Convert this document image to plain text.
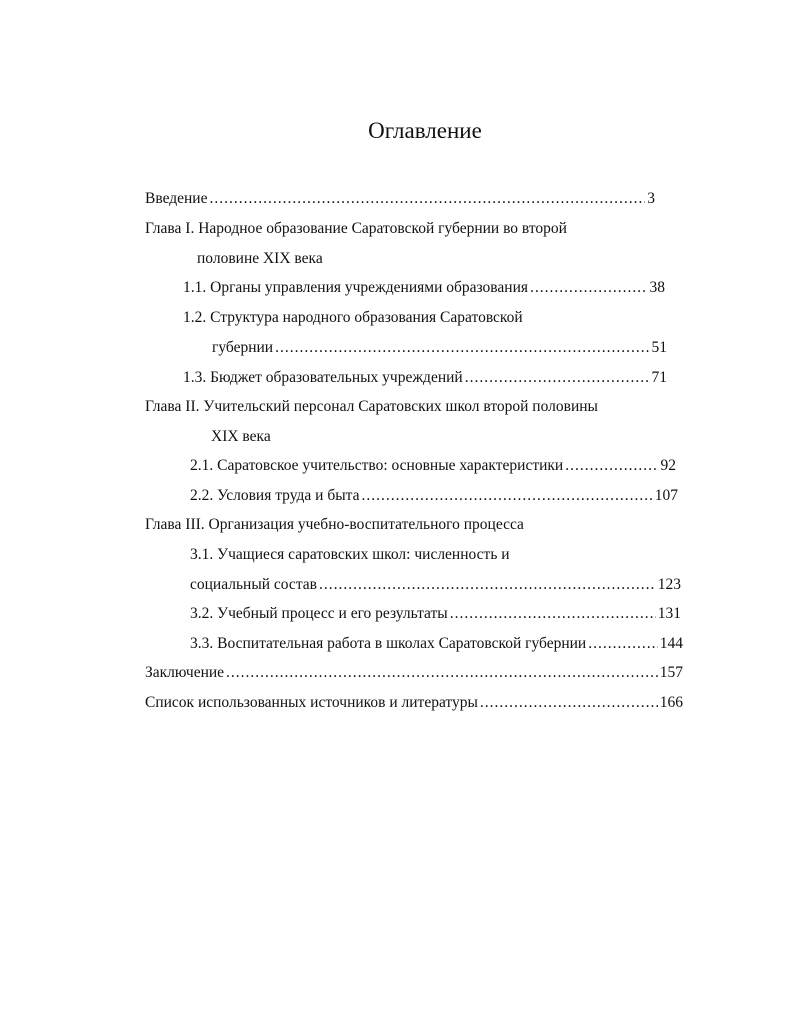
Оглавление
Введение .....	3
Глава I. Народное образование Саратовской губернии во второй
половине XIX века
1.1. Органы управления учреждениями образования .....	38
1.2. Структура народного образования Саратовской
губернии .....	51
1.3. Бюджет образовательных учреждений .....	71
Глава II. Учительский персонал Саратовских школ второй половины
XIX века
2.1. Саратовское учительство: основные характеристики .....	92
2.2. Условия труда и быта .....	107
Глава III. Организация учебно-воспитательного процесса
3.1. Учащиеся саратовских школ: численность и
социальный состав .....	123
3.2. Учебный процесс и его результаты .....	131
3.3. Воспитательная работа в школах Саратовской губернии .....	144
Заключение .....	157
Список использованных источников и литературы .....	166
